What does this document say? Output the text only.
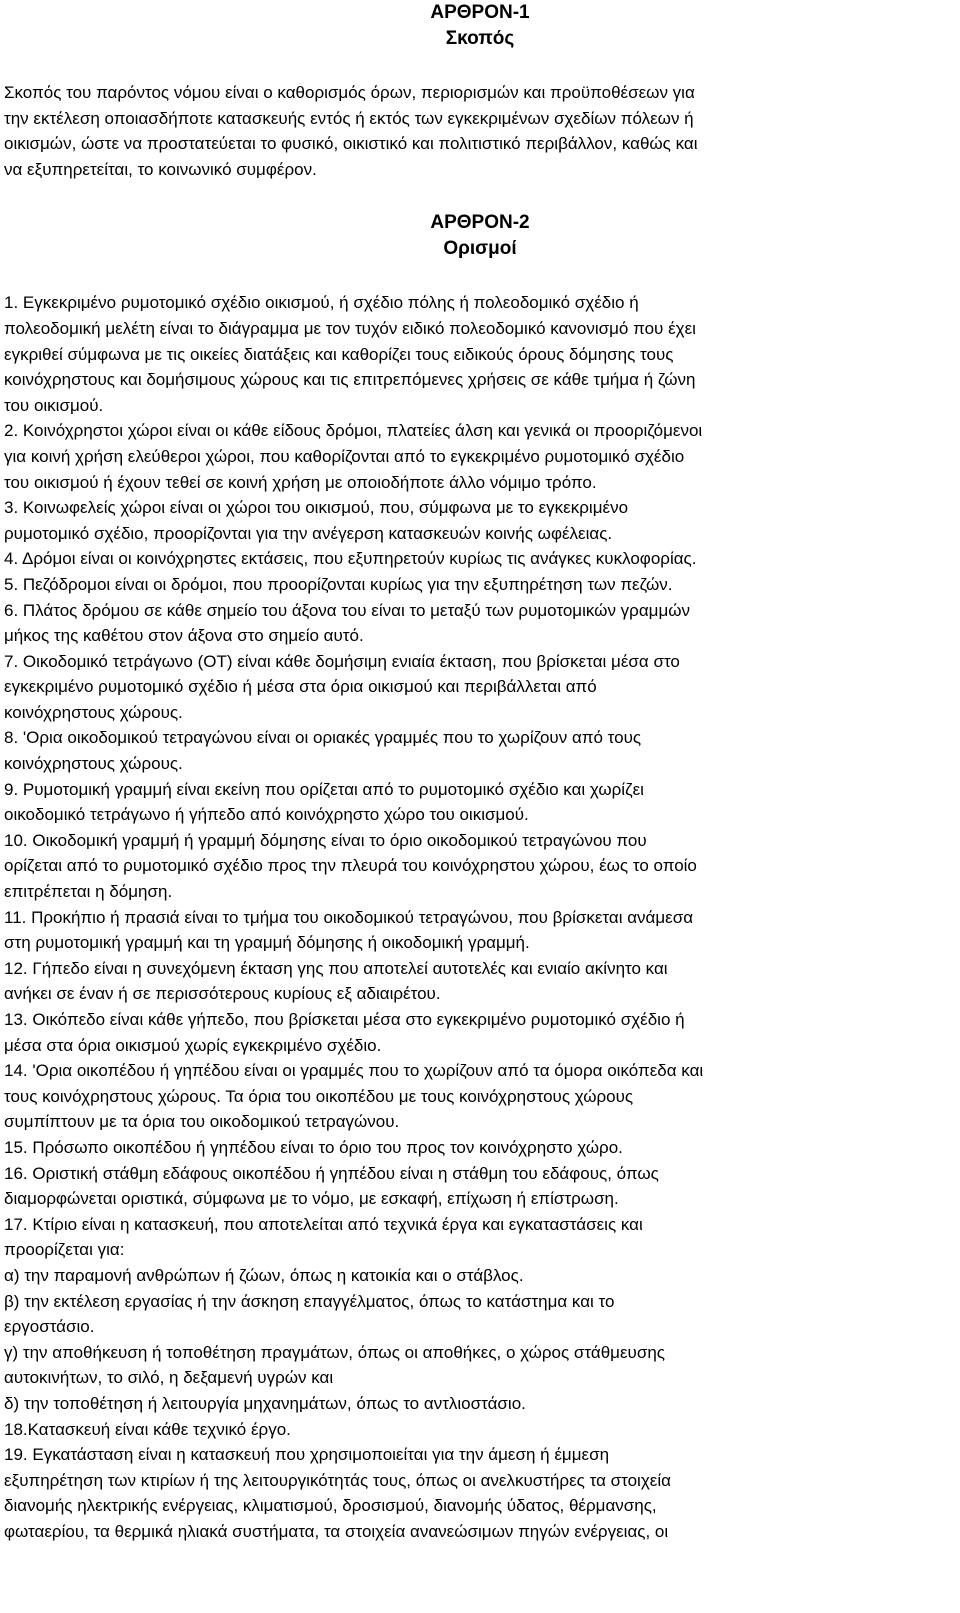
ΑΡΘΡΟΝ-1
Σκοπός
Σκοπός του παρόντος νόμου είναι ο καθορισμός όρων, περιορισμών και προϋποθέσεων για
την εκτέλεση οποιασδήποτε κατασκευής εντός ή εκτός των εγκεκριμένων σχεδίων πόλεων ή
οικισμών, ώστε να προστατεύεται το φυσικό, οικιστικό και πολιτιστικό περιβάλλον, καθώς και
να εξυπηρετείται, το κοινωνικό συμφέρον.
ΑΡΘΡΟΝ-2
Ορισμοί
1. Εγκεκριμένο ρυμοτομικό σχέδιο οικισμού, ή σχέδιο πόλης ή πολεοδομικό σχέδιο ή
πολεοδομική μελέτη είναι το διάγραμμα με τον τυχόν ειδικό πολεοδομικό κανονισμό που έχει
εγκριθεί σύμφωνα με τις οικείες διατάξεις και καθορίζει τους ειδικούς όρους δόμησης τους
κοινόχρηστους και δομήσιμους χώρους και τις επιτρεπόμενες χρήσεις σε κάθε τμήμα ή ζώνη
του οικισμού.
2. Κοινόχρηστοι χώροι είναι οι κάθε είδους δρόμοι, πλατείες άλση και γενικά οι προοριζόμενοι
για κοινή χρήση ελεύθεροι χώροι, που καθορίζονται από το εγκεκριμένο ρυμοτομικό σχέδιο
του οικισμού ή έχουν τεθεί σε κοινή χρήση με οποιοδήποτε άλλο νόμιμο τρόπο.
3. Κοινωφελείς χώροι είναι οι χώροι του οικισμού, που, σύμφωνα με το εγκεκριμένο
ρυμοτομικό σχέδιο, προορίζονται για την ανέγερση κατασκευών κοινής ωφέλειας.
4. Δρόμοι είναι οι κοινόχρηστες εκτάσεις, που εξυπηρετούν κυρίως τις ανάγκες κυκλοφορίας.
5. Πεζόδρομοι είναι οι δρόμοι, που προορίζονται κυρίως για την εξυπηρέτηση των πεζών.
6. Πλάτος δρόμου σε κάθε σημείο του άξονα του είναι το μεταξύ των ρυμοτομικών γραμμών
μήκος της καθέτου στον άξονα στο σημείο αυτό.
7. Οικοδομικό τετράγωνο (ΟΤ) είναι κάθε δομήσιμη ενιαία έκταση, που βρίσκεται μέσα στο
εγκεκριμένο ρυμοτομικό σχέδιο ή μέσα στα όρια οικισμού και περιβάλλεται από
κοινόχρηστους χώρους.
8. 'Ορια οικοδομικού τετραγώνου είναι οι οριακές γραμμές που το χωρίζουν από τους
κοινόχρηστους χώρους.
9. Ρυμοτομική γραμμή είναι εκείνη που ορίζεται από το ρυμοτομικό σχέδιο και χωρίζει
οικοδομικό τετράγωνο ή γήπεδο από κοινόχρηστο χώρο του οικισμού.
10. Οικοδομική γραμμή ή γραμμή δόμησης είναι το όριο οικοδομικού τετραγώνου που
ορίζεται από το ρυμοτομικό σχέδιο προς την πλευρά του κοινόχρηστου χώρου, έως το οποίο
επιτρέπεται η δόμηση.
11. Προκήπιο ή πρασιά είναι το τμήμα του οικοδομικού τετραγώνου, που βρίσκεται ανάμεσα
στη ρυμοτομική γραμμή και τη γραμμή δόμησης ή οικοδομική γραμμή.
12. Γήπεδο είναι η συνεχόμενη έκταση γης που αποτελεί αυτοτελές και ενιαίο ακίνητο και
ανήκει σε έναν ή σε περισσότερους κυρίους εξ αδιαιρέτου.
13. Οικόπεδο είναι κάθε γήπεδο, που βρίσκεται μέσα στο εγκεκριμένο ρυμοτομικό σχέδιο ή
μέσα στα όρια οικισμού χωρίς εγκεκριμένο σχέδιο.
14. 'Ορια οικοπέδου ή γηπέδου είναι οι γραμμές που το χωρίζουν από τα όμορα οικόπεδα και
τους κοινόχρηστους χώρους. Τα όρια του οικοπέδου με τους κοινόχρηστους χώρους
συμπίπτουν με τα όρια του οικοδομικού τετραγώνου.
15. Πρόσωπο οικοπέδου ή γηπέδου είναι το όριο του προς τον κοινόχρηστο χώρο.
16. Οριστική στάθμη εδάφους οικοπέδου ή γηπέδου είναι η στάθμη του εδάφους, όπως
διαμορφώνεται οριστικά, σύμφωνα με το νόμο, με εσκαφή, επίχωση ή επίστρωση.
17. Κτίριο είναι η κατασκευή, που αποτελείται από τεχνικά έργα και εγκαταστάσεις και
προορίζεται για:
α) την παραμονή ανθρώπων ή ζώων, όπως η κατοικία και ο στάβλος.
β) την εκτέλεση εργασίας ή την άσκηση επαγγέλματος, όπως το κατάστημα και το
εργοστάσιο.
γ) την αποθήκευση ή τοποθέτηση πραγμάτων, όπως οι αποθήκες, ο χώρος στάθμευσης
αυτοκινήτων, το σιλό, η δεξαμενή υγρών και
δ) την τοποθέτηση ή λειτουργία μηχανημάτων, όπως το αντλιοστάσιο.
18.Κατασκευή είναι κάθε τεχνικό έργο.
19. Εγκατάσταση είναι η κατασκευή που χρησιμοποιείται για την άμεση ή έμμεση
εξυπηρέτηση των κτιρίων ή της λειτουργικότητάς τους, όπως οι ανελκυστήρες τα στοιχεία
διανομής ηλεκτρικής ενέργειας, κλιματισμού, δροσισμού, διανομής ύδατος, θέρμανσης,
φωταερίου, τα θερμικά ηλιακά συστήματα, τα στοιχεία ανανεώσιμων πηγών ενέργειας, οι
